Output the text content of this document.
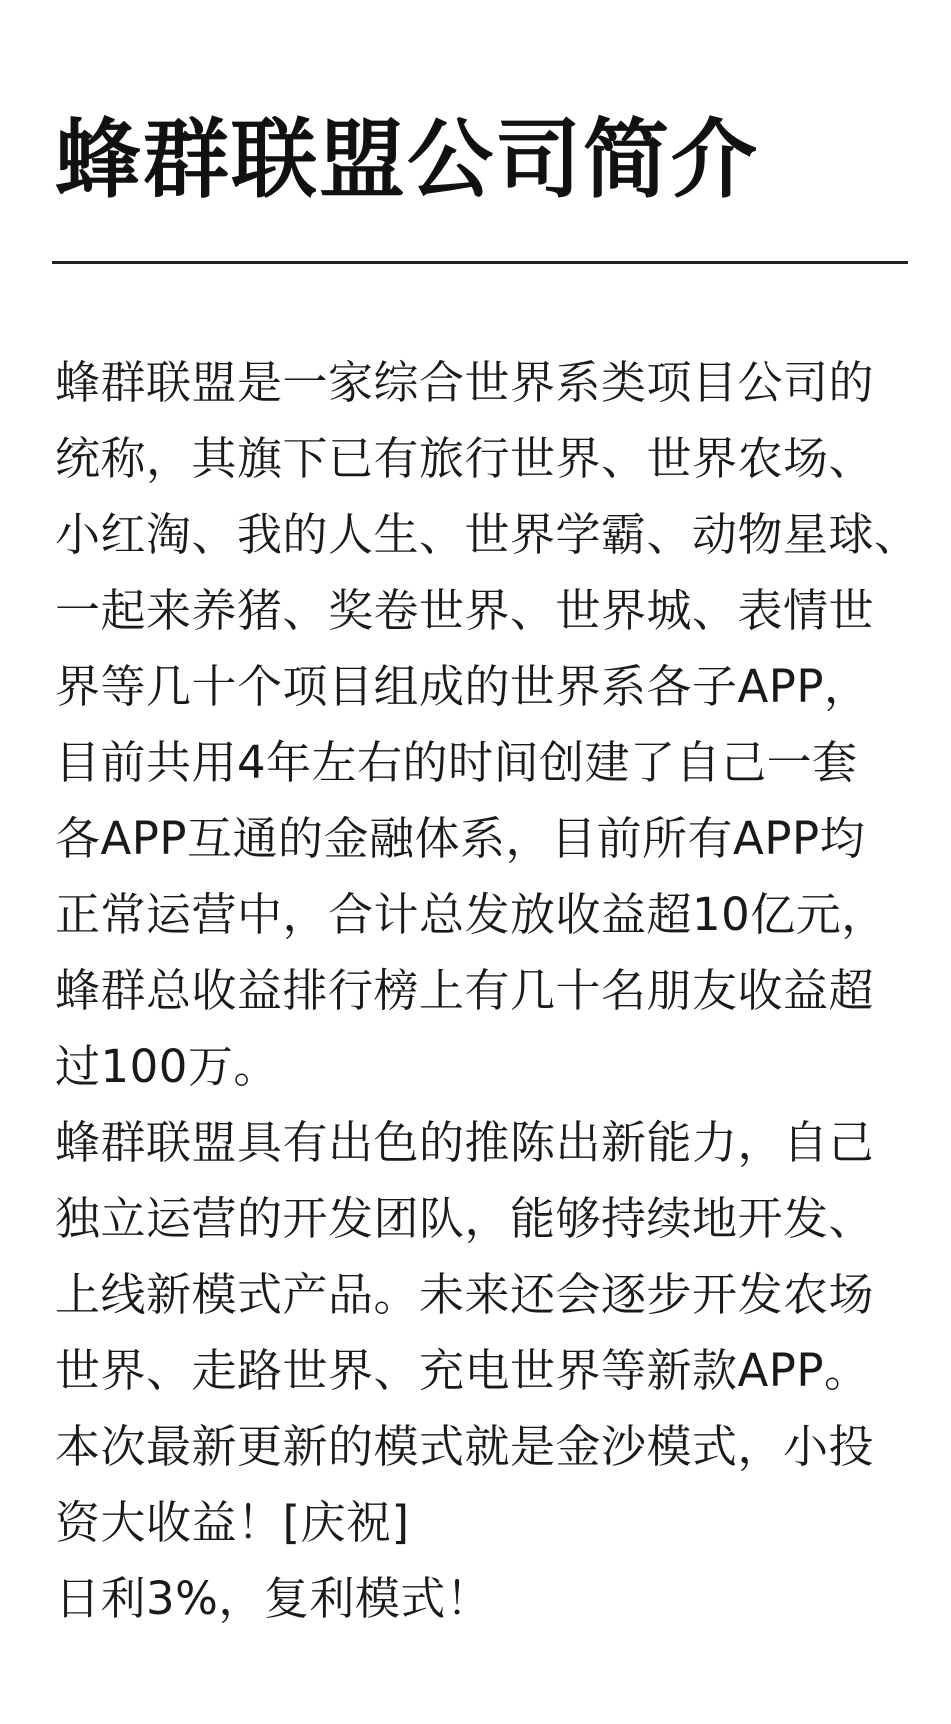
蜂群联盟公司简介
蜂群联盟是一家综合世界系类项目公司的
统称，其旗下已有旅行世界、世界农场、
小红淘、我的人生、世界学霸、动物星球、
一起来养猪、奖卷世界、世界城、表情世
界等几十个项目组成的世界系各子APP，
目前共用4年左右的时间创建了自己一套
各APP互通的金融体系，目前所有APP均
正常运营中，合计总发放收益超10亿元，
蜂群总收益排行榜上有几十名朋友收益超
过100万。
蜂群联盟具有出色的推陈出新能力，自己
独立运营的开发团队，能够持续地开发、
上线新模式产品。未来还会逐步开发农场
世界、走路世界、充电世界等新款APP。
本次最新更新的模式就是金沙模式，小投
资大收益！[庆祝]
日利3%，复利模式！
